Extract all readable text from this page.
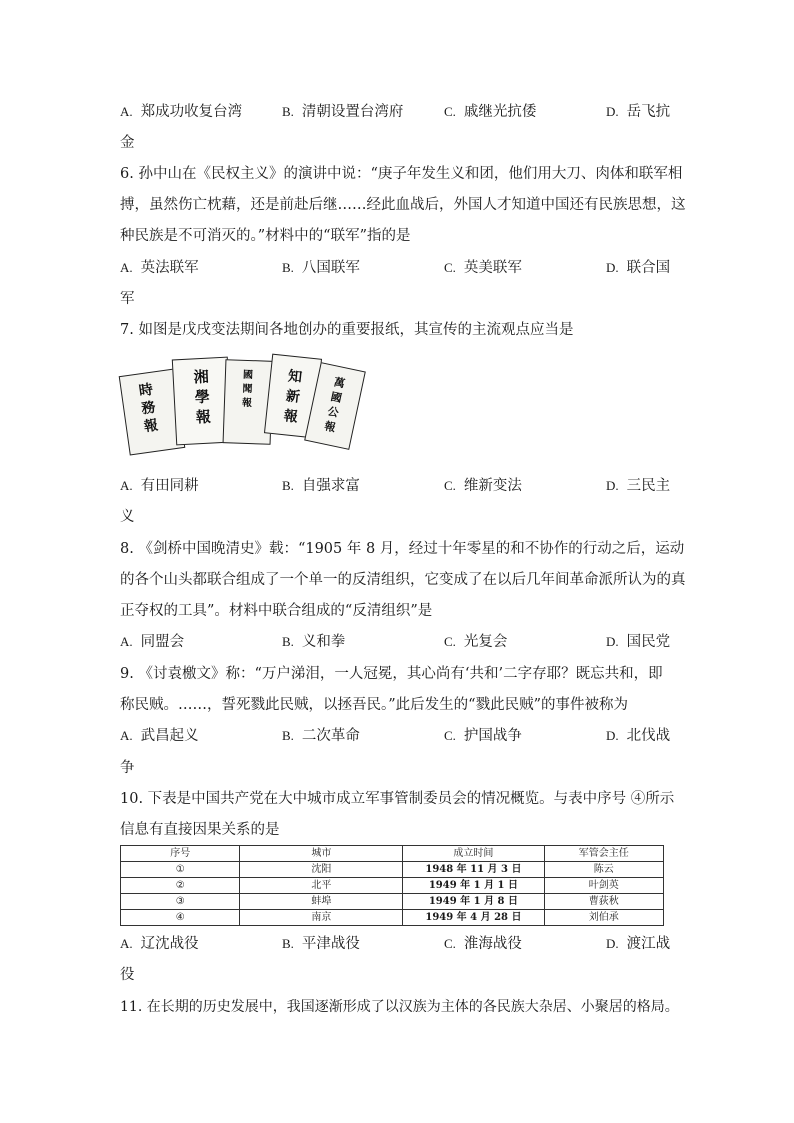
A. 郑成功收复台湾	B. 清朝设置台湾府	C. 戚继光抗倭	D. 岳飞抗
金
6. 孙中山在《民权主义》的演讲中说：“庚子年发生义和团，他们用大刀、肉体和联军相
搏，虽然伤亡枕藉，还是前赴后继……经此血战后，外国人才知道中国还有民族思想，这
种民族是不可消灭的。”材料中的“联军”指的是
A. 英法联军	B. 八国联军	C. 英美联军	D. 联合国
军
7. 如图是戊戌变法期间各地创办的重要报纸，其宣传的主流观点应当是
時務報
湘學報
國聞報
知新報
萬國公報
A. 有田同耕	B. 自强求富	C. 维新变法	D. 三民主
义
8. 《剑桥中国晚清史》载：“1905 年 8 月，经过十年零星的和不协作的行动之后，运动
的各个山头都联合组成了一个单一的反清组织，它变成了在以后几年间革命派所认为的真
正夺权的工具”。材料中联合组成的“反清组织”是
A. 同盟会	B. 义和拳	C. 光复会	D. 国民党
9. 《讨袁檄文》称：“万户涕泪，一人冠冕，其心尚有‘共和’二字存耶？既忘共和，即
称民贼。……，誓死戮此民贼，以拯吾民。”此后发生的“戮此民贼”的事件被称为
A. 武昌起义	B. 二次革命	C. 护国战争	D. 北伐战
争
10. 下表是中国共产党在大中城市成立军事管制委员会的情况概览。与表中序号 ④所示
信息有直接因果关系的是
序号	城市	成立时间	军管会主任
①	沈阳	1948 年 11 月 3 日	陈云
②	北平	1949 年 1 月 1 日	叶剑英
③	蚌埠	1949 年 1 月 8 日	曹荻秋
④	南京	1949 年 4 月 28 日	刘伯承
A. 辽沈战役	B. 平津战役	C. 淮海战役	D. 渡江战
役
11. 在长期的历史发展中，我国逐渐形成了以汉族为主体的各民族大杂居、小聚居的格局。
